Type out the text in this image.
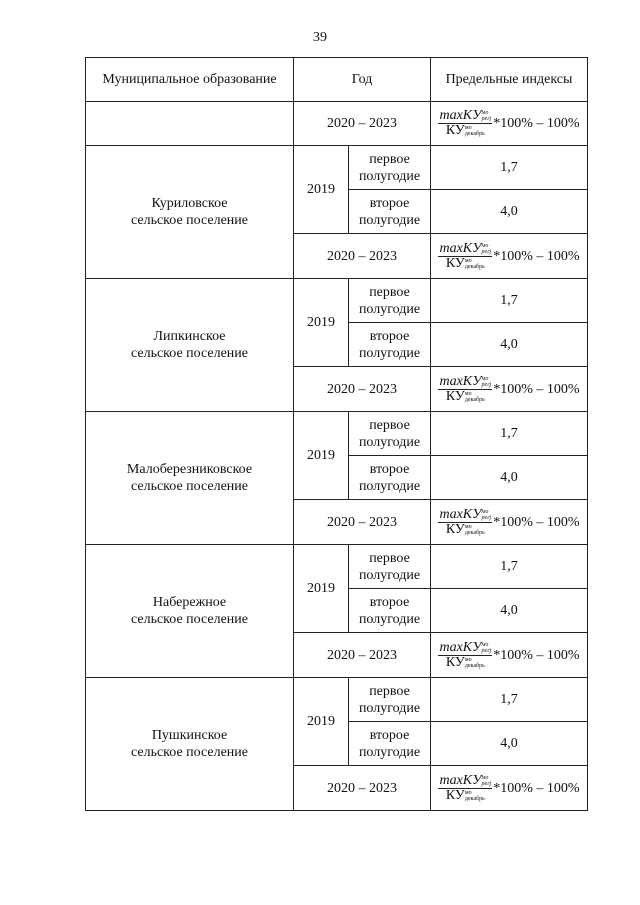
39
Муниципальное образование	Год		Предельные индексы
	2020 – 2023		maxKУмо
pегj
КУмо
декабрь
*100% – 100%
Куриловское
сельское поселение	2019	первое полугодие	1,7
		второе полугодие	4,0
	2020 – 2023		maxKУмо
pегj
КУмо
декабрь
*100% – 100%
Липкинское
сельское поселение	2019	первое полугодие	1,7
		второе полугодие	4,0
	2020 – 2023		maxKУмо
pегj
КУмо
декабрь
*100% – 100%
Малоберезниковское
сельское поселение	2019	первое полугодие	1,7
		второе полугодие	4,0
	2020 – 2023		maxKУмо
pегj
КУмо
декабрь
*100% – 100%
Набережное
сельское поселение	2019	первое полугодие	1,7
		второе полугодие	4,0
	2020 – 2023		maxKУмо
pегj
КУмо
декабрь
*100% – 100%
Пушкинское
сельское поселение	2019	первое полугодие	1,7
		второе полугодие	4,0
	2020 – 2023		maxKУмо
pегj
КУмо
декабрь
*100% – 100%
